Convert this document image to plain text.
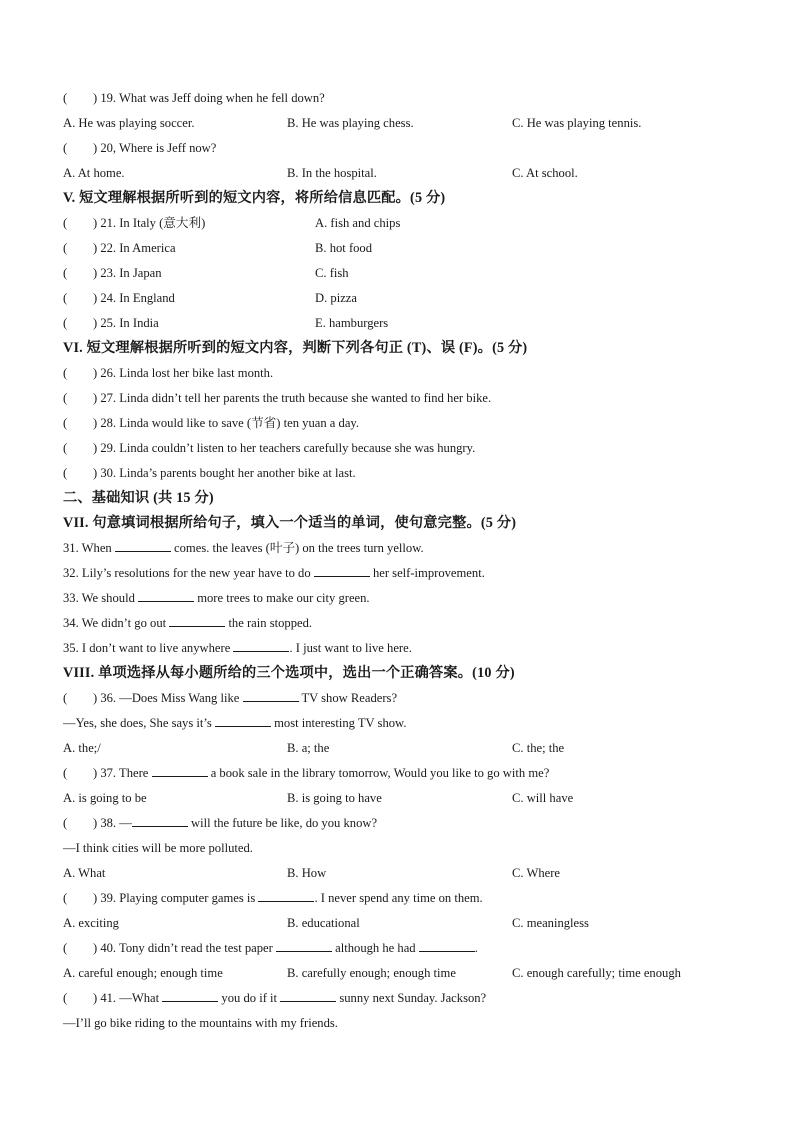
( ) 19. What was Jeff doing when he fell down?
A. He was playing soccer.	B. He was playing chess.	C. He was playing tennis.
( ) 20, Where is Jeff now?
A. At home.	B. In the hospital.	C. At school.
V. 短文理解根据所听到的短文内容，将所给信息匹配。(5 分)
( ) 21. In Italy (意大利)	A. fish and chips
( ) 22. In America	B. hot food
( ) 23. In Japan	C. fish
( ) 24. In England	D. pizza
( ) 25. In India	E. hamburgers
VI. 短文理解根据所听到的短文内容，判断下列各句正 (T)、误 (F)。(5 分)
( ) 26. Linda lost her bike last month.
( ) 27. Linda didn’t tell her parents the truth because she wanted to find her bike.
( ) 28. Linda would like to save (节省) ten yuan a day.
( ) 29. Linda couldn’t listen to her teachers carefully because she was hungry.
( ) 30. Linda’s parents bought her another bike at last.
二、基础知识 (共 15 分)
VII. 句意填词根据所给句子，填入一个适当的单词，使句意完整。(5 分)
31. When	comes. the leaves (叶子) on the trees turn yellow.
32. Lily’s resolutions for the new year have to do	her self-improvement.
33. We should	more trees to make our city green.
34. We didn’t go out	the rain stopped.
35. I don’t want to live anywhere	. I just want to live here.
VIII. 单项选择从每小题所给的三个选项中，选出一个正确答案。(10 分)
( ) 36. —Does Miss Wang like	TV show Readers?
—Yes, she does, She says it’s	most interesting TV show.
A. the;/	B. a; the	C. the; the
( ) 37. There	a book sale in the library tomorrow, Would you like to go with me?
A. is going to be	B. is going to have	C. will have
( ) 38. —	will the future be like, do you know?
—I think cities will be more polluted.
A. What	B. How	C. Where
( ) 39. Playing computer games is	. I never spend any time on them.
A. exciting	B. educational	C. meaningless
( ) 40. Tony didn’t read the test paper	although he had	.
A. careful enough; enough time	B. carefully enough; enough time	C. enough carefully; time enough
( ) 41. —What	you do if it	sunny next Sunday. Jackson?
—I’ll go bike riding to the mountains with my friends.
